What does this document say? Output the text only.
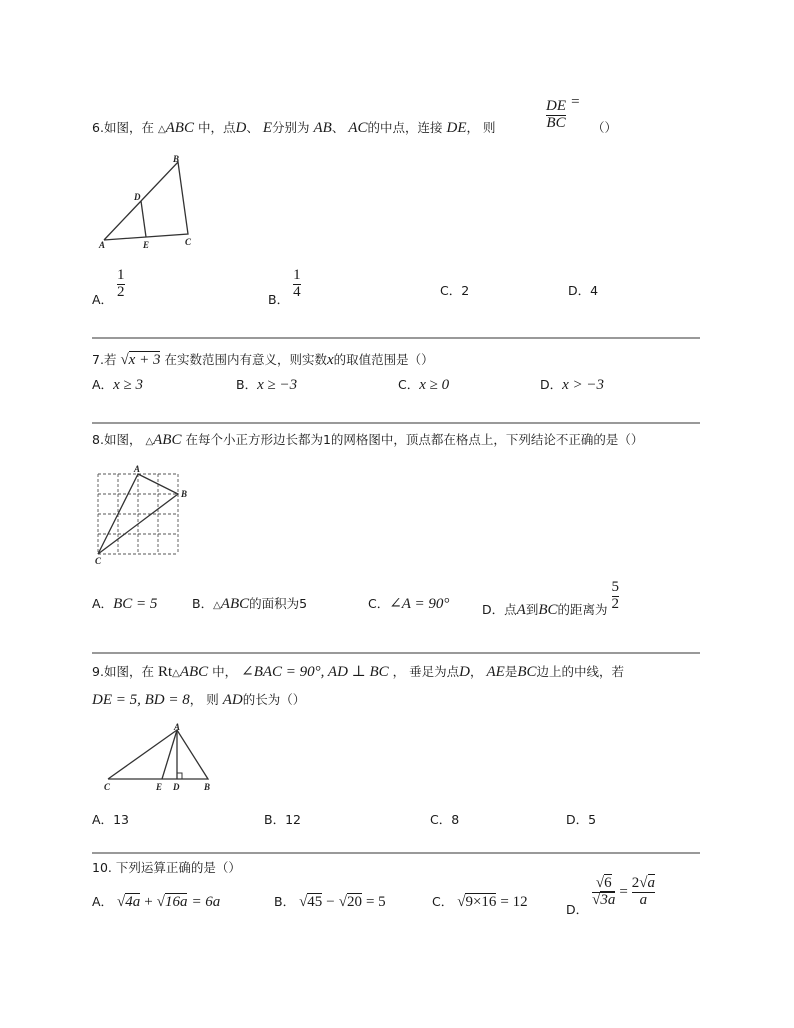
6.如图，在 △ABC 中，点D、 E分别为 AB、 AC的中点，连接 DE， 则	$\frac{DE}{BC}$ =
（）
B
D
A	E	C
A． $\frac{1}{2}$	B． $\frac{1}{4}$	C．2	D．4
7.若 √x + 3 在实数范围内有意义，则实数x的取值范围是（）
A．x ≥ 3	B．x ≥ −3	C．x ≥ 0	D．x > −3
8.如图， △ABC 在每个小正方形边长都为1的网格图中，顶点都在格点上，下列结论不正确的是（）
A
B
C
A．BC = 5	B．△ABC的面积为5	C．∠A = 90°	D．点A到BC的距离为 $\frac{5}{2}$
9.如图，在 Rt△ABC 中， ∠BAC = 90°, AD ⊥ BC ， 垂足为点D， AE是BC边上的中线，若
DE = 5, BD = 8， 则 AD的长为（）
A
C	E D	B
A．13	B．12	C．8	D．5
10. 下列运算正确的是（）
A． √4a + √16a = 6a	B． √45 − √20 = 5	C． √9×16 = 12	D．
$\frac{√6}{√3a} = \frac{2√a}{a}$
